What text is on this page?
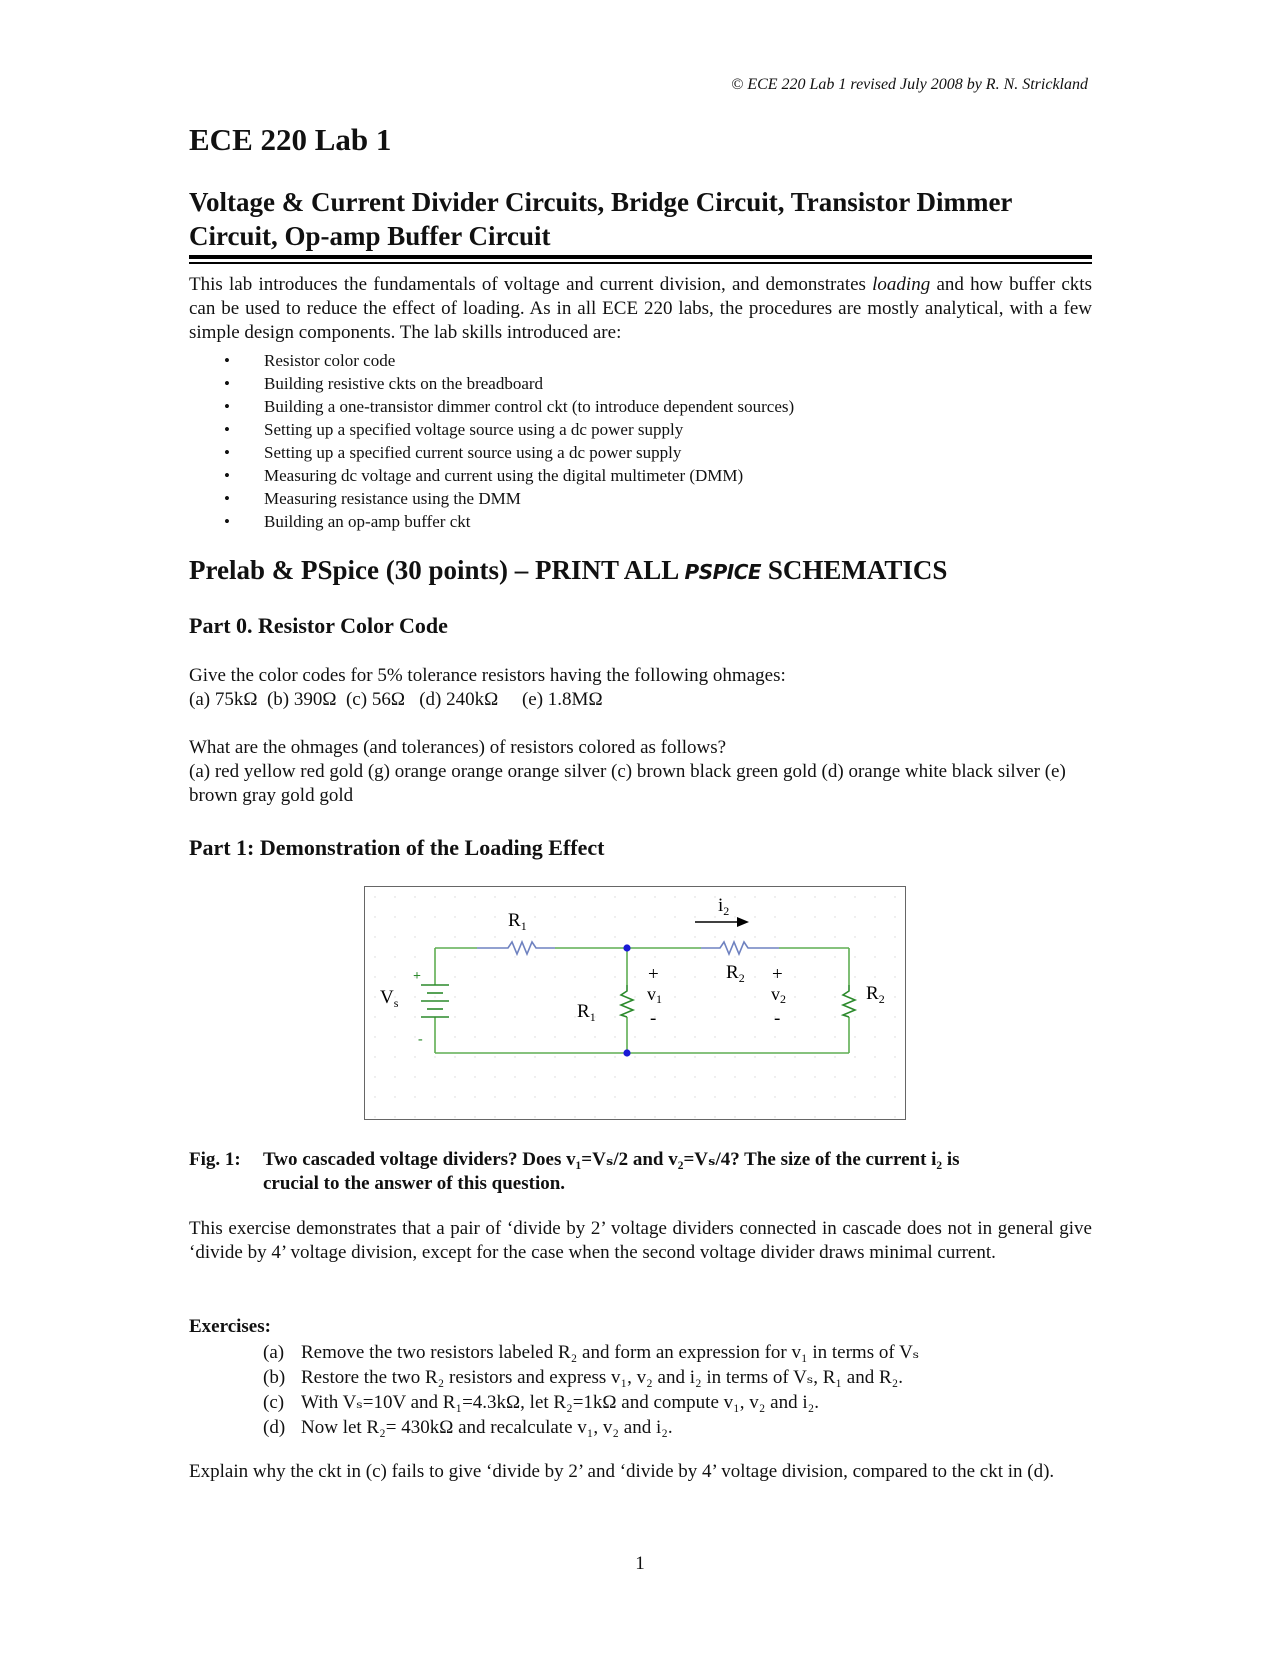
© ECE 220 Lab 1 revised July 2008 by R. N. Strickland
ECE 220 Lab 1
Voltage & Current Divider Circuits, Bridge Circuit, Transistor Dimmer Circuit, Op-amp Buffer Circuit

This lab introduces the fundamentals of voltage and current division, and demonstrates loading and how buffer ckts can be used to reduce the effect of loading. As in all ECE 220 labs, the procedures are mostly analytical, with a few simple design components. The lab skills introduced are:

• Resistor color code
• Building resistive ckts on the breadboard
• Building a one-transistor dimmer control ckt (to introduce dependent sources)
• Setting up a specified voltage source using a dc power supply
• Setting up a specified current source using a dc power supply
• Measuring dc voltage and current using the digital multimeter (DMM)
• Measuring resistance using the DMM
• Building an op-amp buffer ckt
Prelab & PSpice (30 points) – PRINT ALL PSPICE SCHEMATICS
Part 0. Resistor Color Code
Give the color codes for 5% tolerance resistors having the following ohmages:
(a) 75kΩ  (b) 390Ω  (c) 56Ω   (d) 240kΩ     (e) 1.8MΩ
What are the ohmages (and tolerances) of resistors colored as follows?
(a) red yellow red gold (g) orange orange orange silver (c) brown black green gold (d) orange white black silver (e) brown gray gold gold
Part 1: Demonstration of the Loading Effect
$i_2$
$R_1$
$R_2$
$R_1$
$R_2$
$V_s$
+
v1
-
+
v2
-
+
-
Fig. 1: Two cascaded voltage dividers? Does v₁=Vₛ/2 and v₂=Vₛ/4? The size of the current i₂ is
crucial to the answer of this question.

This exercise demonstrates that a pair of ‘divide by 2’ voltage dividers connected in cascade does not in general give ‘divide by 4’ voltage division, except for the case when the second voltage divider draws minimal current.

Exercises:
(a) Remove the two resistors labeled R₂ and form an expression for v₁ in terms of Vₛ
(b) Restore the two R₂ resistors and express v₁, v₂ and i₂ in terms of Vₛ, R₁ and R₂.
(c) With Vₛ=10V and R₁=4.3kΩ, let R₂=1kΩ and compute v₁, v₂ and i₂.
(d) Now let R₂= 430kΩ and recalculate v₁, v₂ and i₂.

Explain why the ckt in (c) fails to give ‘divide by 2’ and ‘divide by 4’ voltage division, compared to the ckt in (d).

1
